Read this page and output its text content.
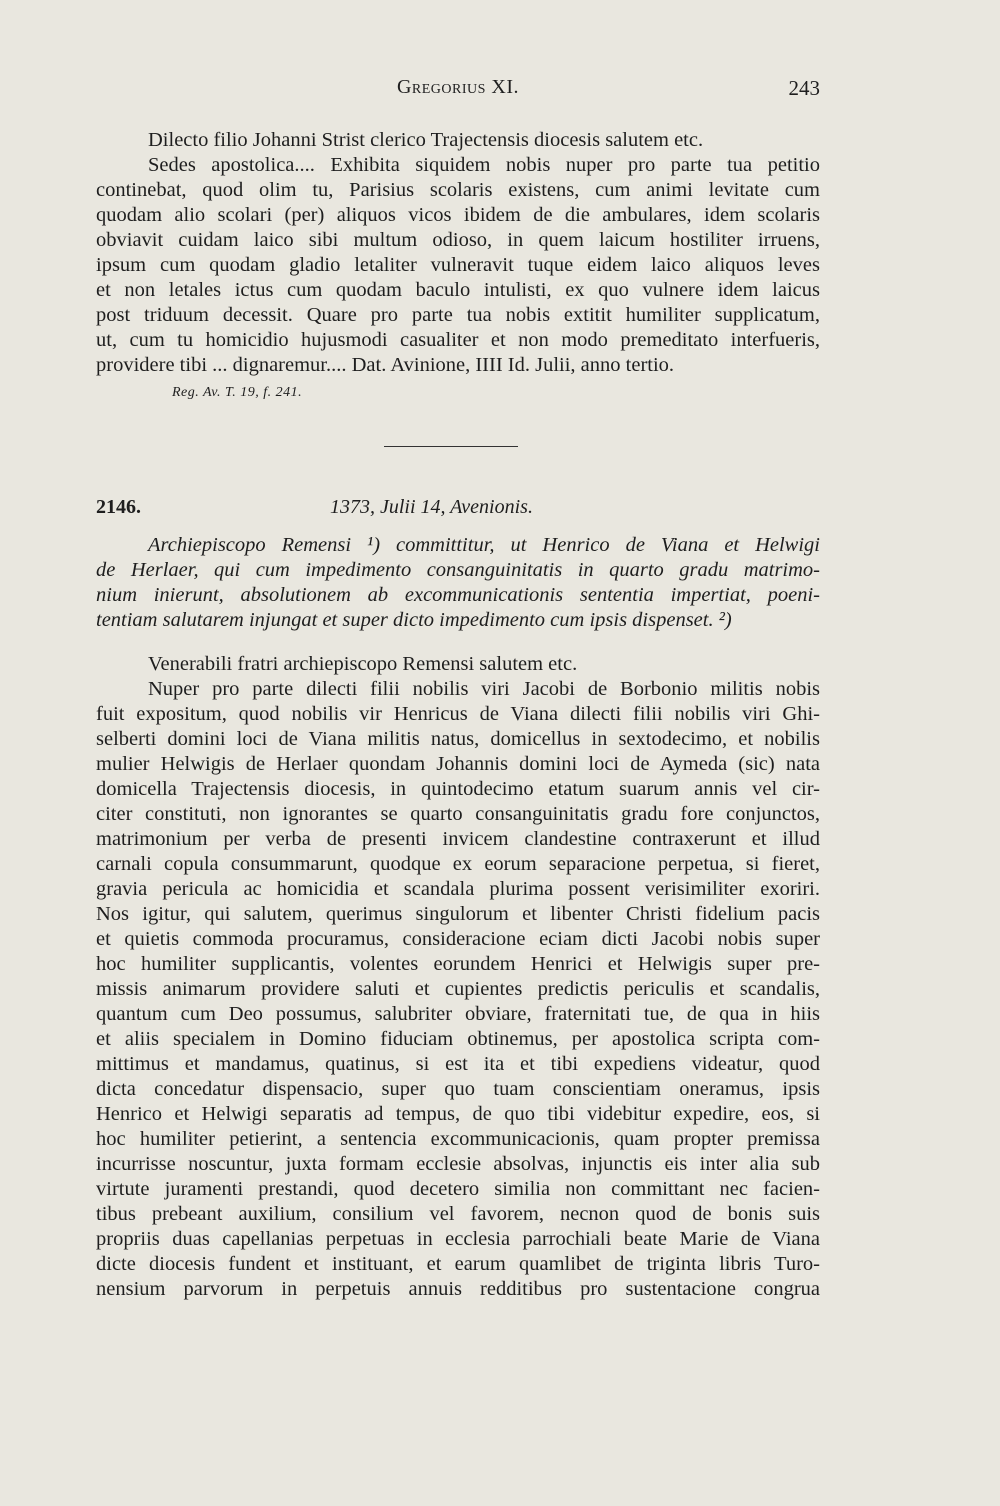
Gregorius XI.	243
Dilecto filio Johanni Strist clerico Trajectensis diocesis salutem etc.
Sedes apostolica.... Exhibita siquidem nobis nuper pro parte tua petitio
continebat, quod olim tu, Parisius scolaris existens, cum animi levitate cum
quodam alio scolari (per) aliquos vicos ibidem de die ambulares, idem scolaris
obviavit cuidam laico sibi multum odioso, in quem laicum hostiliter irruens,
ipsum cum quodam gladio letaliter vulneravit tuque eidem laico aliquos leves
et non letales ictus cum quodam baculo intulisti, ex quo vulnere idem laicus
post triduum decessit. Quare pro parte tua nobis extitit humiliter supplicatum,
ut, cum tu homicidio hujusmodi casualiter et non modo premeditato interfueris,
providere tibi ... dignaremur.... Dat. Avinione, IIII Id. Julii, anno tertio.
Reg. Av. T. 19, f. 241.
2146.	1373, Julii 14, Avenionis.
Archiepiscopo Remensi ¹) committitur, ut Henrico de Viana et Helwigi
de Herlaer, qui cum impedimento consanguinitatis in quarto gradu matrimo-
nium inierunt, absolutionem ab excommunicationis sententia impertiat, poeni-
tentiam salutarem injungat et super dicto impedimento cum ipsis dispenset. ²)
Venerabili fratri archiepiscopo Remensi salutem etc.
Nuper pro parte dilecti filii nobilis viri Jacobi de Borbonio militis nobis
fuit expositum, quod nobilis vir Henricus de Viana dilecti filii nobilis viri Ghi-
selberti domini loci de Viana militis natus, domicellus in sextodecimo, et nobilis
mulier Helwigis de Herlaer quondam Johannis domini loci de Aymeda (sic) nata
domicella Trajectensis diocesis, in quintodecimo etatum suarum annis vel cir-
citer constituti, non ignorantes se quarto consanguinitatis gradu fore conjunctos,
matrimonium per verba de presenti invicem clandestine contraxerunt et illud
carnali copula consummarunt, quodque ex eorum separacione perpetua, si fieret,
gravia pericula ac homicidia et scandala plurima possent verisimiliter exoriri.
Nos igitur, qui salutem, querimus singulorum et libenter Christi fidelium pacis
et quietis commoda procuramus, consideracione eciam dicti Jacobi nobis super
hoc humiliter supplicantis, volentes eorundem Henrici et Helwigis super pre-
missis animarum providere saluti et cupientes predictis periculis et scandalis,
quantum cum Deo possumus, salubriter obviare, fraternitati tue, de qua in hiis
et aliis specialem in Domino fiduciam obtinemus, per apostolica scripta com-
mittimus et mandamus, quatinus, si est ita et tibi expediens videatur, quod
dicta concedatur dispensacio, super quo tuam conscientiam oneramus, ipsis
Henrico et Helwigi separatis ad tempus, de quo tibi videbitur expedire, eos, si
hoc humiliter petierint, a sentencia excommunicacionis, quam propter premissa
incurrisse noscuntur, juxta formam ecclesie absolvas, injunctis eis inter alia sub
virtute juramenti prestandi, quod decetero similia non committant nec facien-
tibus prebeant auxilium, consilium vel favorem, necnon quod de bonis suis
propriis duas capellanias perpetuas in ecclesia parrochiali beate Marie de Viana
dicte diocesis fundent et instituant, et earum quamlibet de triginta libris Turo-
nensium parvorum in perpetuis annuis redditibus pro sustentacione congrua
